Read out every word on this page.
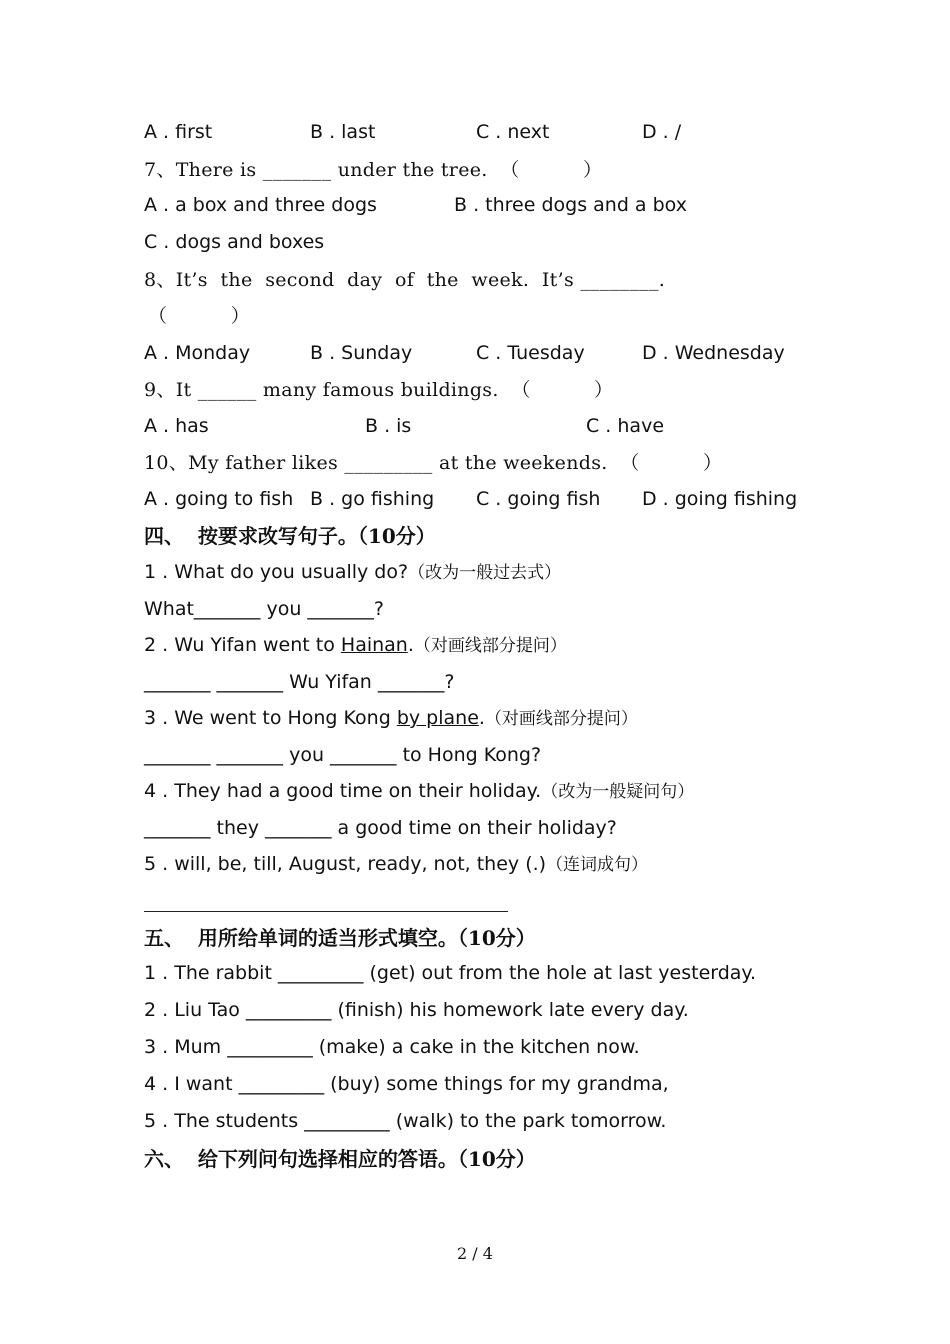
A . first	B . last	C . next	D . /
7、There is _______ under the tree.  （          ）
A . a box and three dogs	B . three dogs and a box
C . dogs and boxes
8、It’s  the  second  day  of  the  week.  It’s ________.
（          ）
A . Monday	B . Sunday	C . Tuesday	D . Wednesday
9、It ______ many famous buildings.  （          ）
A . has	B . is	C . have
10、My father likes _________ at the weekends.  （          ）
A . going to fish B . go fishing C . going fish D . going fishing
四、  按要求改写句子。（10分）
1 . What do you usually do?（改为一般过去式）
What_______ you _______?
2 . Wu Yifan went to Hainan.（对画线部分提问）
_______ _______ Wu Yifan _______?
3 . We went to Hong Kong by plane.（对画线部分提问）
_______ _______ you _______ to Hong Kong?
4 . They had a good time on their holiday.（改为一般疑问句）
_______ they _______ a good time on their holiday?
5 . will, be, till, August, ready, not, they (.)（连词成句）
五、  用所给单词的适当形式填空。（10分）
1 . The rabbit _________ (get) out from the hole at last yesterday.
2 . Liu Tao _________ (finish) his homework late every day.
3 . Mum _________ (make) a cake in the kitchen now.
4 . I want _________ (buy) some things for my grandma,
5 . The students _________ (walk) to the park tomorrow.
六、  给下列问句选择相应的答语。（10分）
2 / 4
